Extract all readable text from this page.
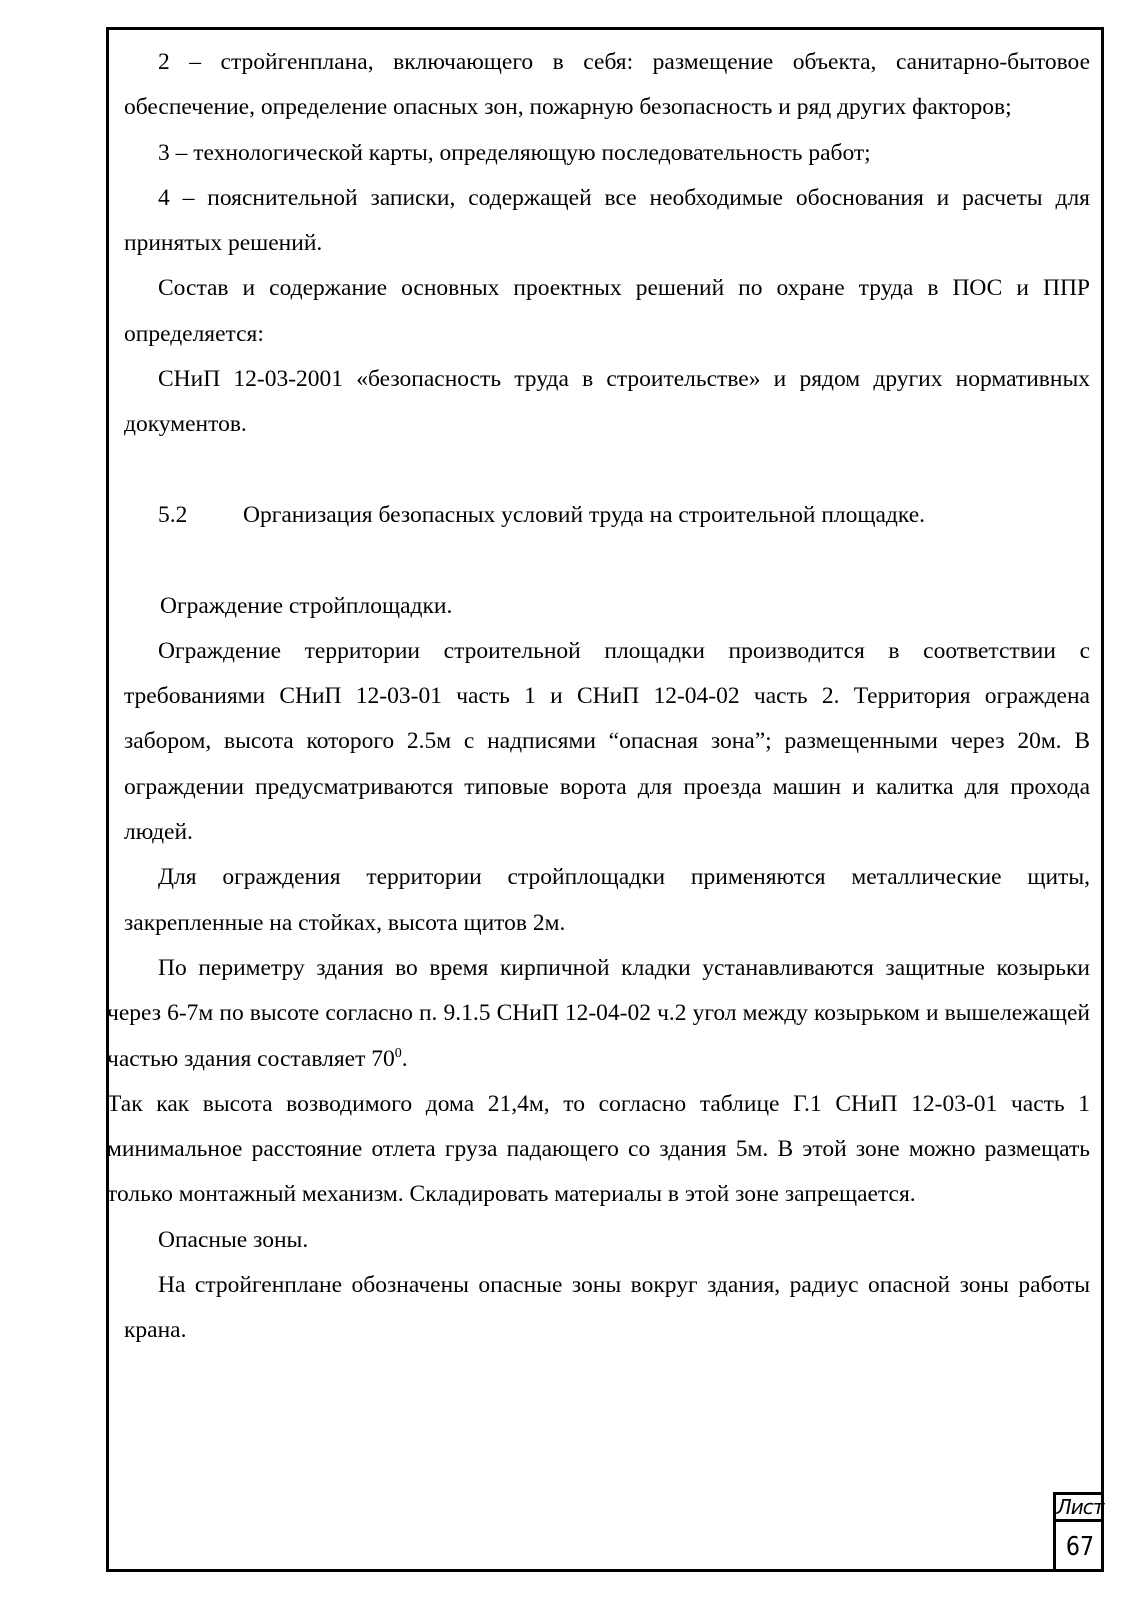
2 – стройгенплана, включающего в себя: размещение объекта, санитарно-бытовое обеспечение, определение опасных зон, пожарную безопасность и ряд других факторов;

3 – технологической карты, определяющую последовательность работ;

4 – пояснительной записки, содержащей все необходимые обоснования и расчеты для принятых решений.

Состав и содержание основных проектных решений по охране труда в ПОС и ППР определяется:

СНиП 12-03-2001 «безопасность труда в строительстве» и рядом других нормативных документов.

5.2	Организация безопасных условий труда на строительной площадке.

Ограждение стройплощадки.

Ограждение территории строительной площадки производится в соответствии с требованиями СНиП 12-03-01 часть 1 и СНиП 12-04-02 часть 2. Территория ограждена забором, высота которого 2.5м с надписями “опасная зона”; размещенными через 20м. В ограждении предусматриваются типовые ворота для проезда машин и калитка для прохода людей.

Для ограждения территории стройплощадки применяются металлические щиты, закрепленные на стойках, высота щитов 2м.

По периметру здания во время кирпичной кладки устанавливаются защитные козырьки через 6-7м по высоте согласно п. 9.1.5 СНиП 12-04-02 ч.2 угол между козырьком и вышележащей частью здания составляет $70^0$.

Так как высота возводимого дома 21,4м, то согласно таблице Г.1 СНиП 12-03-01 часть 1 минимальное расстояние отлета груза падающего со здания 5м. В этой зоне можно размещать только монтажный механизм. Складировать материалы в этой зоне запрещается.

Опасные зоны.

На стройгенплане обозначены опасные зоны вокруг здания, радиус опасной зоны работы крана.

Лист
67
